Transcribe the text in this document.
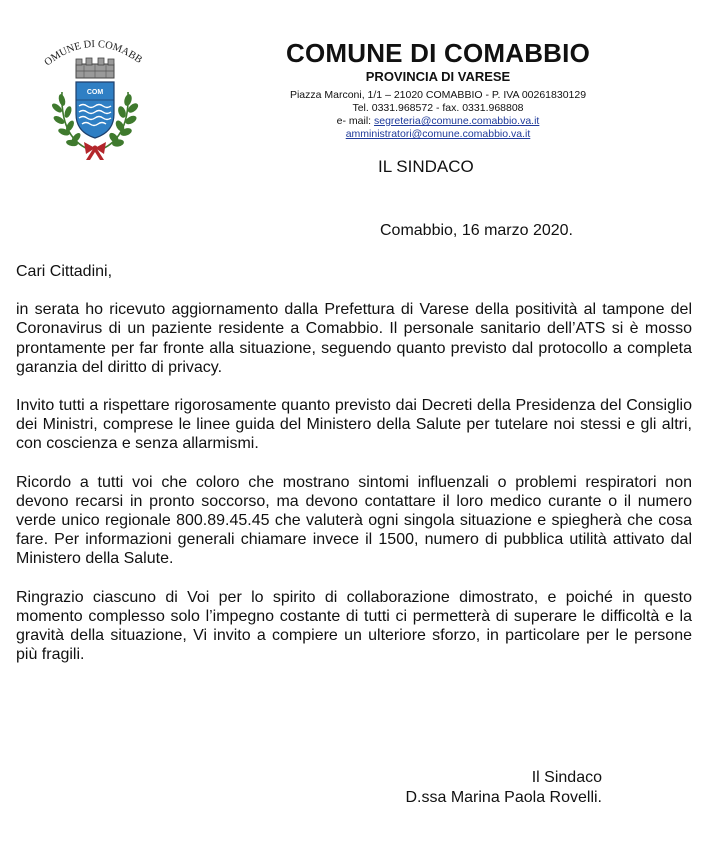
OMUNE DI COMABB
COM
COMUNE DI COMABBIO
PROVINCIA DI VARESE
Piazza Marconi, 1/1 – 21020 COMABBIO - P. IVA 00261830129
Tel. 0331.968572 - fax. 0331.968808
e- mail: segreteria@comune.comabbio.va.it
amministratori@comune.comabbio.va.it
IL SINDACO
Comabbio, 16 marzo 2020.

Cari Cittadini,

in serata ho ricevuto aggiornamento dalla Prefettura di Varese della positività al tampone del Coronavirus di un paziente residente a Comabbio. Il personale sanitario dell’ATS si è mosso prontamente per far fronte alla situazione, seguendo quanto previsto dal protocollo a completa garanzia del diritto di privacy.

Invito tutti a rispettare rigorosamente quanto previsto dai Decreti della Presidenza del Consiglio dei Ministri, comprese le linee guida del Ministero della Salute per tutelare noi stessi e gli altri, con coscienza e senza allarmismi.

Ricordo a tutti voi che coloro che mostrano sintomi influenzali o problemi respiratori non devono recarsi in pronto soccorso, ma devono contattare il loro medico curante o il numero verde unico regionale 800.89.45.45 che valuterà ogni singola situazione e spiegherà che cosa fare. Per informazioni generali chiamare invece il 1500, numero di pubblica utilità attivato dal Ministero della Salute.

Ringrazio ciascuno di Voi per lo spirito di collaborazione dimostrato, e poiché in questo momento complesso solo l’impegno costante di tutti ci permetterà di superare le difficoltà e la gravità della situazione, Vi invito a compiere un ulteriore sforzo, in particolare per le persone più fragili.

Il Sindaco
D.ssa Marina Paola Rovelli.
